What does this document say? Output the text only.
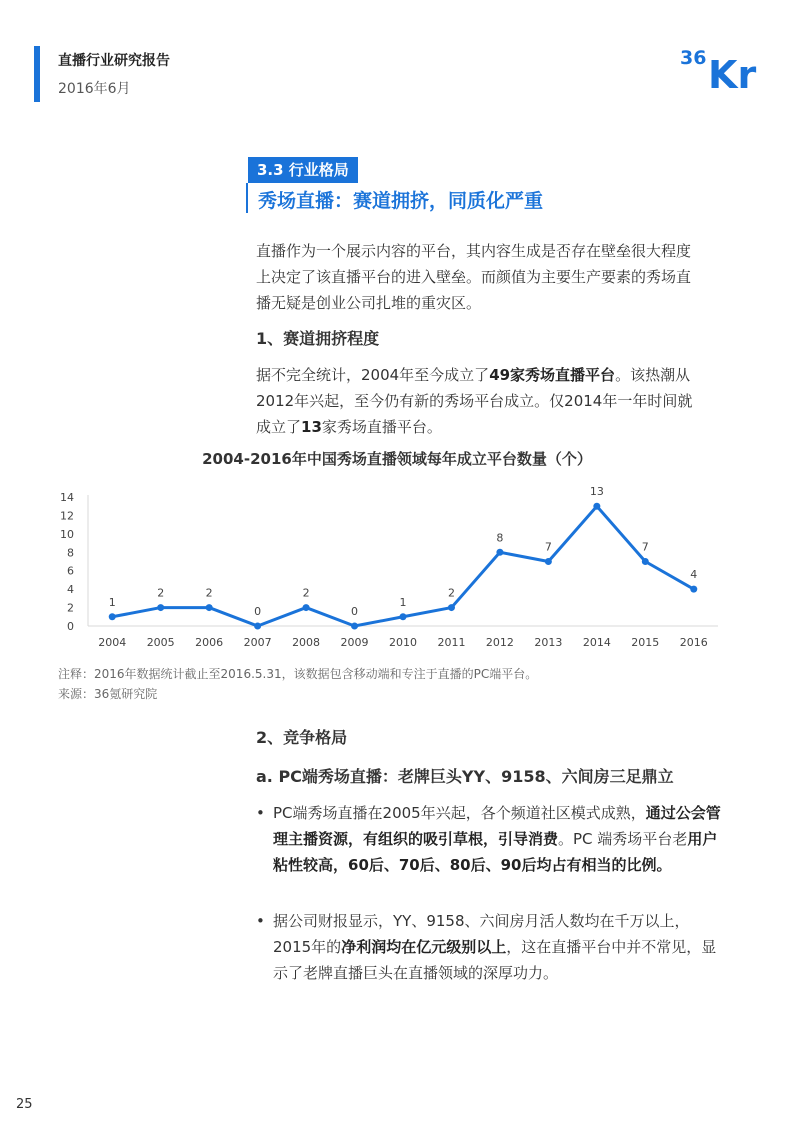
直播行业研究报告
2016年6月
36 Kr
3.3 行业格局
秀场直播：赛道拥挤，同质化严重
直播作为一个展示内容的平台，其内容生成是否存在壁垒很大程度
上决定了该直播平台的进入壁垒。而颜值为主要生产要素的秀场直
播无疑是创业公司扎堆的重灾区。
1、赛道拥挤程度
据不完全统计，2004年至今成立了49家秀场直播平台。该热潮从
2012年兴起，至今仍有新的秀场平台成立。仅2014年一年时间就
成立了13家秀场直播平台。
2004-2016年中国秀场直播领域每年成立平台数量（个）
0
2
4
6
8
10
12
14
2004 2005 2006 2007 2008 2009 2010 2011 2012 2013 2014 2015 2016
1
2	2
0
2
0
1
2
8
7
13
7
4
注释：2016年数据统计截止至2016.5.31，该数据包含移动端和专注于直播的PC端平台。
来源：36氪研究院
2、竞争格局
a. PC端秀场直播：老牌巨头YY、9158、六间房三足鼎立
• PC端秀场直播在2005年兴起，各个频道社区模式成熟，通过公会管理主播资源，有组织的吸引草根，引导消费。PC 端秀场平台老用户粘性较高，60后、70后、80后、90后均占有相当的比例。
• 据公司财报显示，YY、9158、六间房月活人数均在千万以上，2015年的净利润均在亿元级别以上，这在直播平台中并不常见，显示了老牌直播巨头在直播领域的深厚功力。
25
